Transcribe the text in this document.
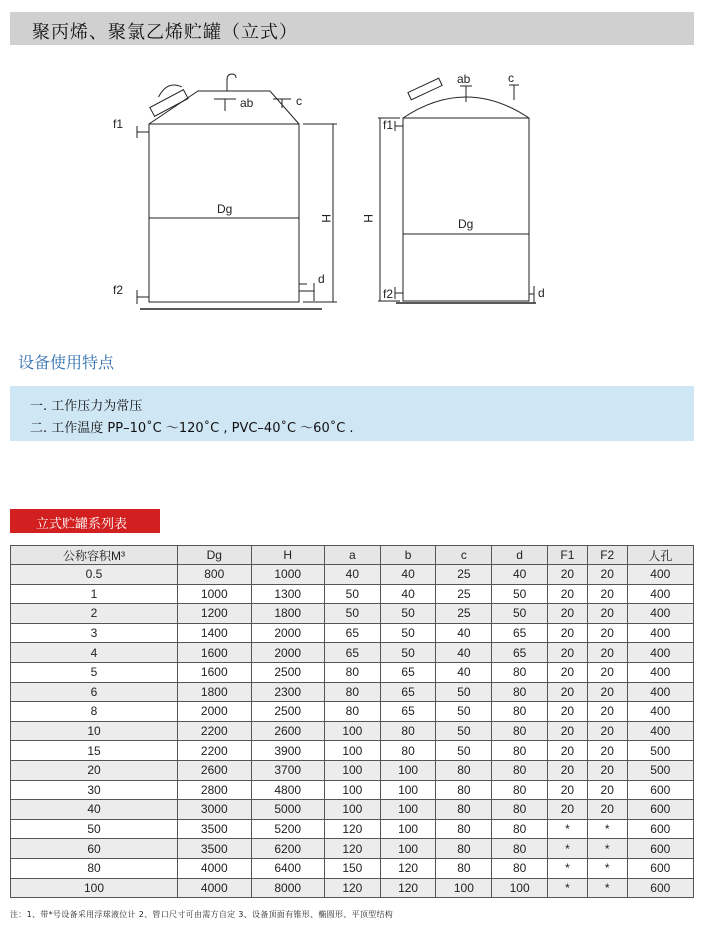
聚丙烯、聚氯乙烯贮罐（立式）
f1
f2
ab	c
d
Dg
H
f1
f2
ab	c
d
Dg
H
设备使用特点
一. 工作压力为常压
二. 工作温度 PP–10˚C ～120˚C , PVC–40˚C ～60˚C .
立式贮罐系列表
公称容积M³	Dg	H	a	b	c	d	F1	F2	人孔
0.5	800	1000	40	40	25	40	20	20	400
1	1000	1300	50	40	25	50	20	20	400
2	1200	1800	50	50	25	50	20	20	400
3	1400	2000	65	50	40	65	20	20	400
4	1600	2000	65	50	40	65	20	20	400
5	1600	2500	80	65	40	80	20	20	400
6	1800	2300	80	65	50	80	20	20	400
8	2000	2500	80	65	50	80	20	20	400
10	2200	2600	100	80	50	80	20	20	400
15	2200	3900	100	80	50	80	20	20	500
20	2600	3700	100	100	80	80	20	20	500
30	2800	4800	100	100	80	80	20	20	600
40	3000	5000	100	100	80	80	20	20	600
50	3500	5200	120	100	80	80	*	*	600
60	3500	6200	120	100	80	80	*	*	600
80	4000	6400	150	120	80	80	*	*	600
100	4000	8000	120	120	100	100	*	*	600
注：1、带*号设备采用浮球液位计 2、管口尺寸可由需方自定 3、设备顶面有锥形、椭圆形、平顶型结构
